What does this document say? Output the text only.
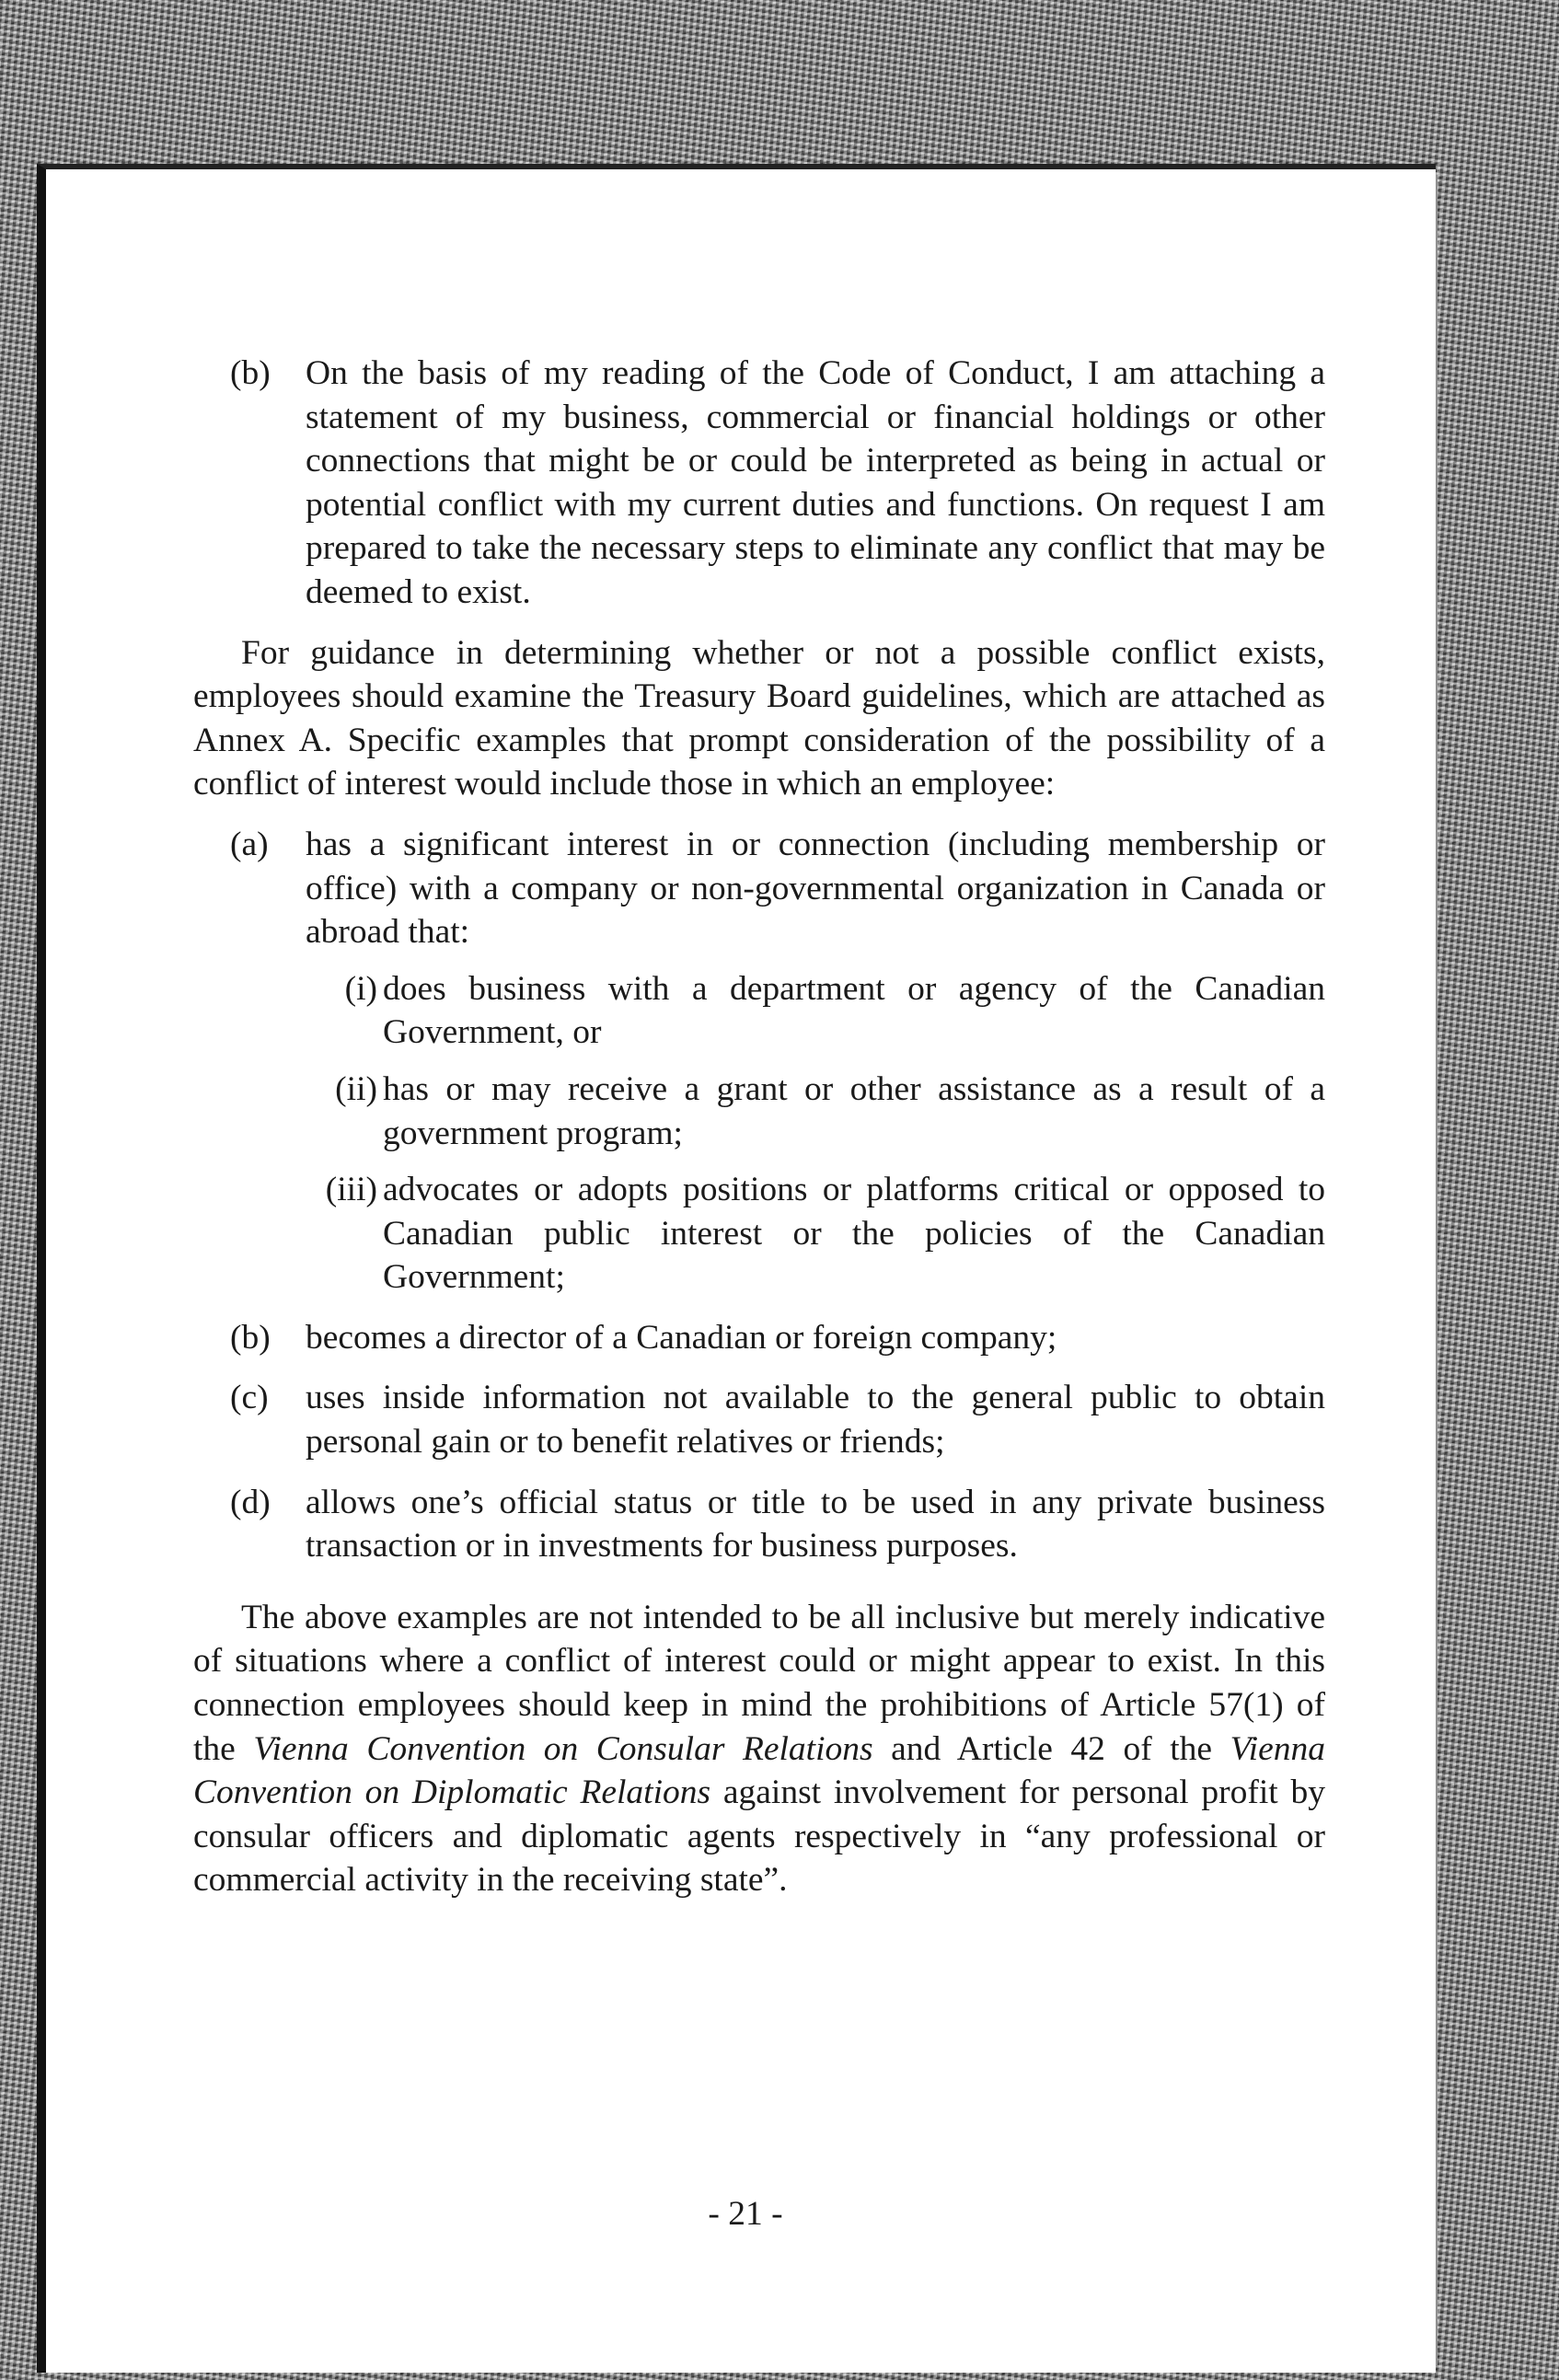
(b) On the basis of my reading of the Code of Conduct, I am attaching a statement of my business, commercial or financial holdings or other connections that might be or could be interpreted as being in actual or potential conflict with my current duties and functions. On request I am prepared to take the necessary steps to eliminate any conflict that may be deemed to exist.
For guidance in determining whether or not a possible conflict exists, employees should examine the Treasury Board guidelines, which are attached as Annex A. Specific examples that prompt consideration of the possibility of a conflict of interest would include those in which an employee:
(a) has a significant interest in or connection (including membership or office) with a company or non-governmental organization in Canada or abroad that:
(i) does business with a department or agency of the Canadian Government, or
(ii) has or may receive a grant or other assistance as a result of a government program;
(iii) advocates or adopts positions or platforms critical or opposed to Canadian public interest or the policies of the Canadian Government;
(b) becomes a director of a Canadian or foreign company;
(c) uses inside information not available to the general public to obtain personal gain or to benefit relatives or friends;
(d) allows one’s official status or title to be used in any private business transaction or in investments for business purposes.
The above examples are not intended to be all inclusive but merely indicative of situations where a conflict of interest could or might appear to exist. In this connection employees should keep in mind the prohibitions of Article 57(1) of the Vienna Convention on Consular Relations and Article 42 of the Vienna Convention on Diplomatic Relations against involvement for personal profit by consular officers and diplomatic agents respectively in “any professional or commercial activity in the receiving state”.
- 21 -
